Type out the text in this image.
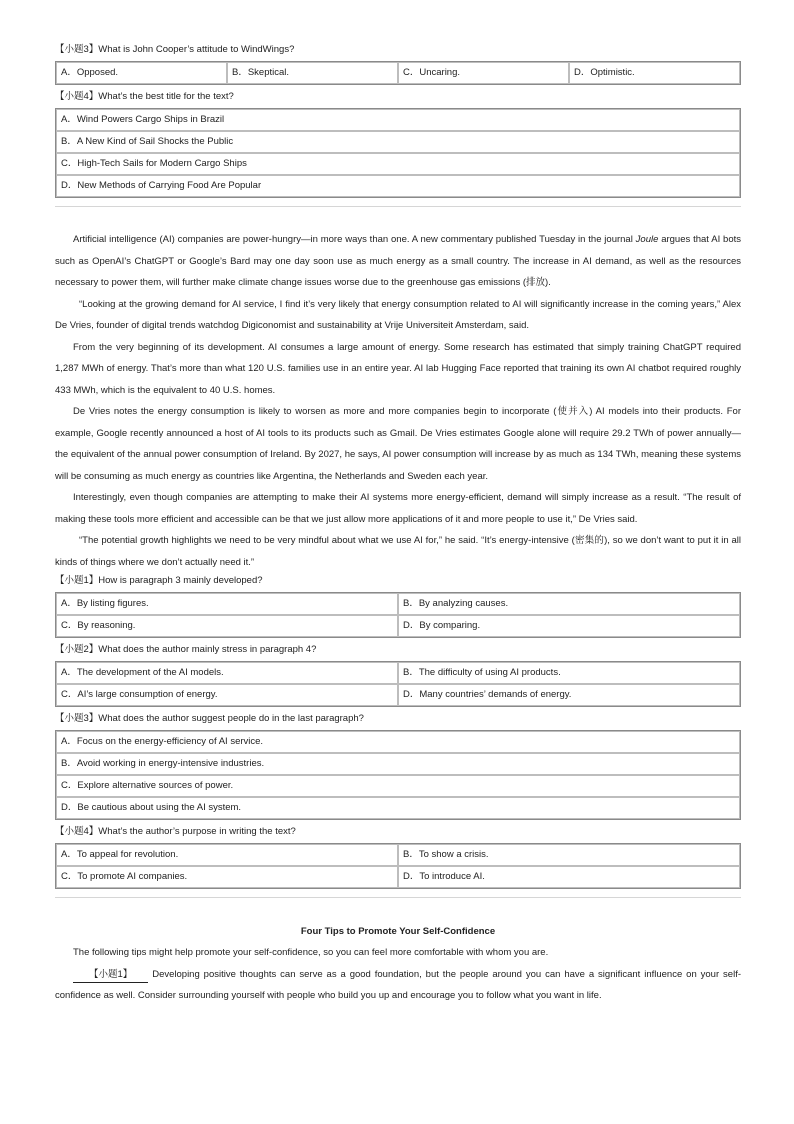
【小题3】What is John Cooper’s attitude to WindWings?
A．Opposed.	B．Skeptical.	C．Uncaring.	D．Optimistic.
【小题4】What’s the best title for the text?
A．Wind Powers Cargo Ships in Brazil
B．A New Kind of Sail Shocks the Public
C．High-Tech Sails for Modern Cargo Ships
D．New Methods of Carrying Food Are Popular

Artificial intelligence (AI) companies are power-hungry—in more ways than one. A new commentary published Tuesday in the journal Joule argues that AI bots such as OpenAI’s ChatGPT or Google’s Bard may one day soon use as much energy as a small country. The increase in AI demand, as well as the resources necessary to power them, will further make climate change issues worse due to the greenhouse gas emissions (排放).

“Looking at the growing demand for AI service, I find it’s very likely that energy consumption related to AI will significantly increase in the coming years,” Alex De Vries, founder of digital trends watchdog Digiconomist and sustainability at Vrije Universiteit Amsterdam, said.

From the very beginning of its development. AI consumes a large amount of energy. Some research has estimated that simply training ChatGPT required 1,287 MWh of energy. That’s more than what 120 U.S. families use in an entire year. AI lab Hugging Face reported that training its own AI chatbot required roughly 433 MWh, which is the equivalent to 40 U.S. homes.

De Vries notes the energy consumption is likely to worsen as more and more companies begin to incorporate (使并入) AI models into their products. For example, Google recently announced a host of AI tools to its products such as Gmail. De Vries estimates Google alone will require 29.2 TWh of power annually—the equivalent of the annual power consumption of Ireland. By 2027, he says, AI power consumption will increase by as much as 134 TWh, meaning these systems will be consuming as much energy as countries like Argentina, the Netherlands and Sweden each year.

Interestingly, even though companies are attempting to make their AI systems more energy-efficient, demand will simply increase as a result. “The result of making these tools more efficient and accessible can be that we just allow more applications of it and more people to use it,” De Vries said.

“The potential growth highlights we need to be very mindful about what we use AI for,” he said. “It’s energy-intensive (密集的), so we don’t want to put it in all kinds of things where we don’t actually need it.”

【小题1】How is paragraph 3 mainly developed?
A．By listing figures.	B．By analyzing causes.
C．By reasoning.	D．By comparing.
【小题2】What does the author mainly stress in paragraph 4?
A．The development of the AI models.	B．The difficulty of using AI products.
C．AI’s large consumption of energy.	D．Many countries’ demands of energy.
【小题3】What does the author suggest people do in the last paragraph?
A．Focus on the energy-efficiency of AI service.
B．Avoid working in energy-intensive industries.
C．Explore alternative sources of power.
D．Be cautious about using the AI system.
【小题4】What’s the author’s purpose in writing the text?
A．To appeal for revolution.	B．To show a crisis.
C．To promote AI companies.	D．To introduce AI.
Four Tips to Promote Your Self-Confidence

The following tips might help promote your self-confidence, so you can feel more comfortable with whom you are.

【小题1】 Developing positive thoughts can serve as a good foundation, but the people around you can have a significant influence on your self-confidence as well. Consider surrounding yourself with people who build you up and encourage you to follow what you want in life.
